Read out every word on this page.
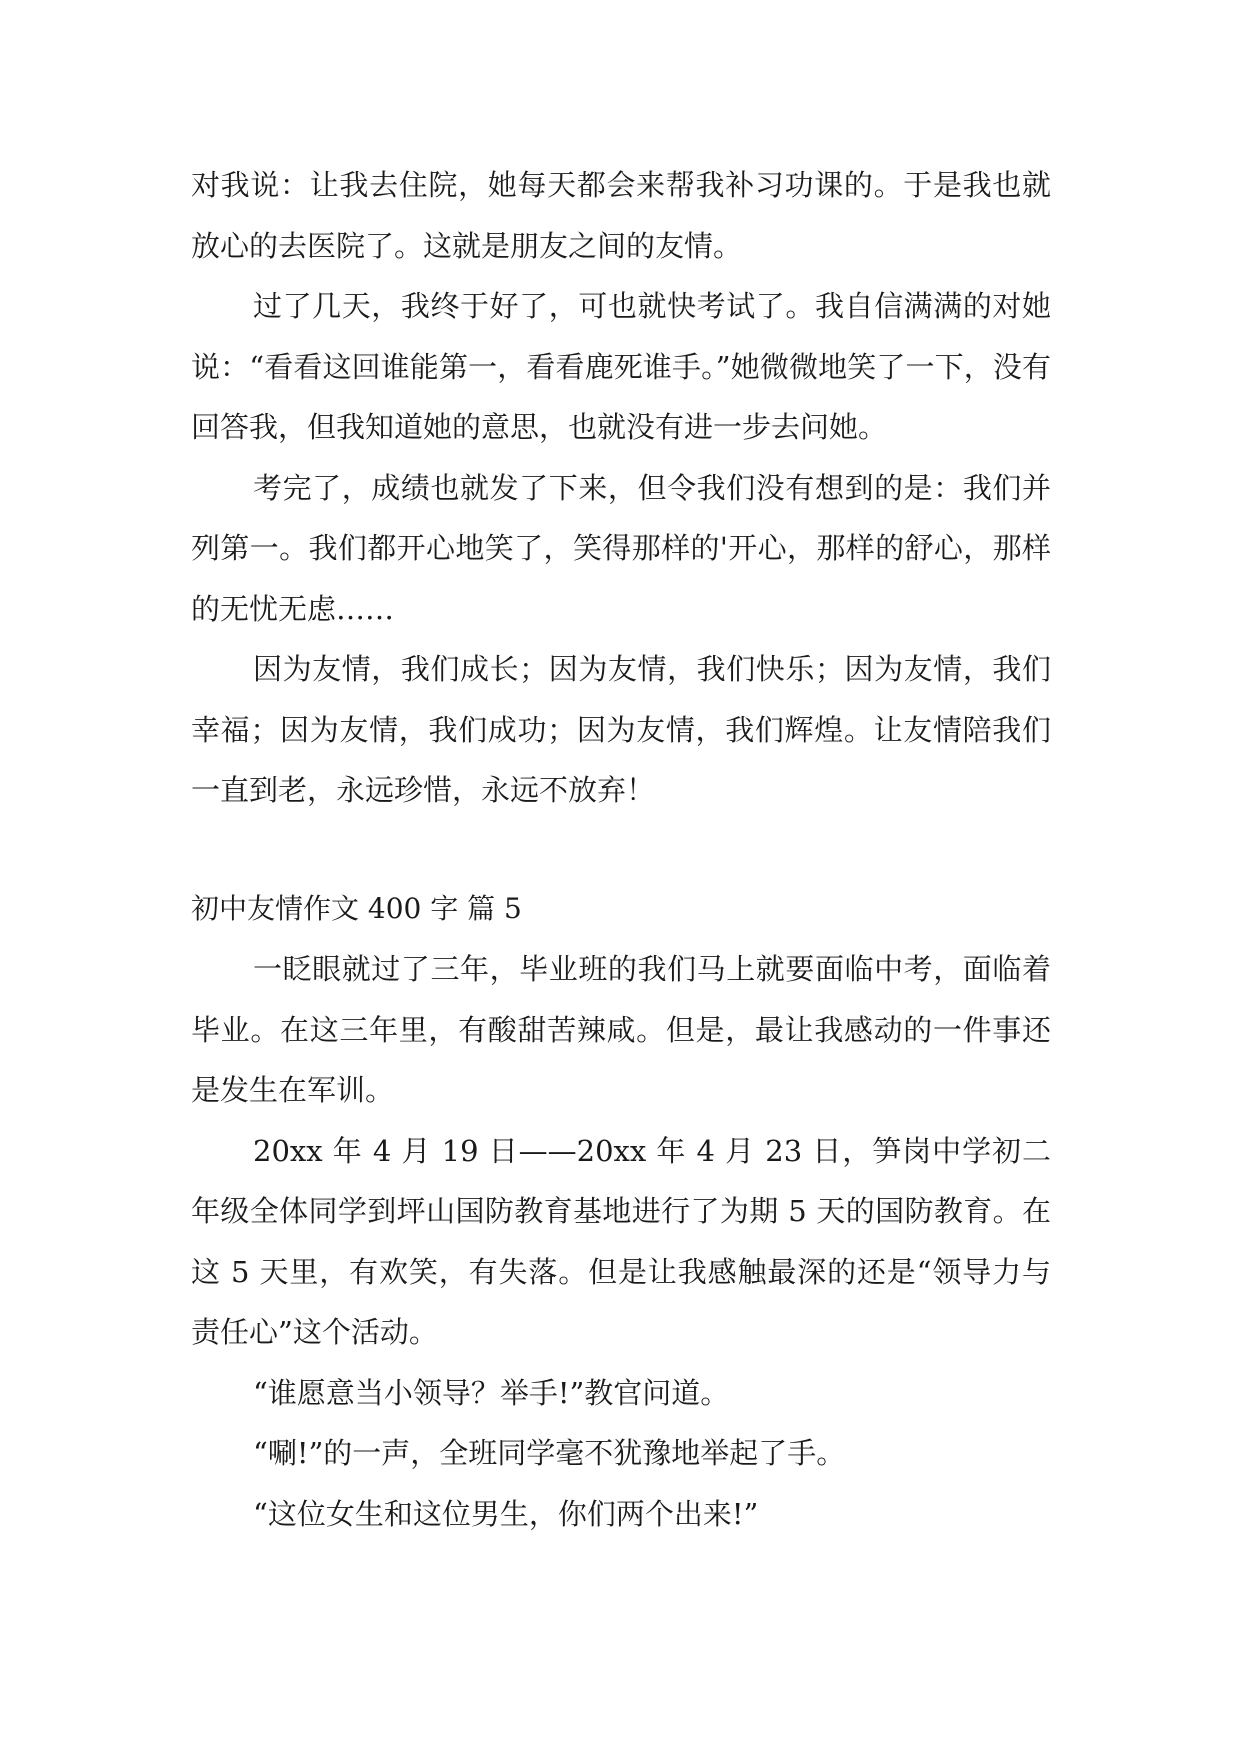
对我说：让我去住院，她每天都会来帮我补习功课的。于是我也就放心的去医院了。这就是朋友之间的友情。

过了几天，我终于好了，可也就快考试了。我自信满满的对她说：“看看这回谁能第一，看看鹿死谁手。”她微微地笑了一下，没有回答我，但我知道她的意思，也就没有进一步去问她。

考完了，成绩也就发了下来，但令我们没有想到的是：我们并列第一。我们都开心地笑了，笑得那样的'开心，那样的舒心，那样的无忧无虑……

因为友情，我们成长；因为友情，我们快乐；因为友情，我们幸福；因为友情，我们成功；因为友情，我们辉煌。让友情陪我们一直到老，永远珍惜，永远不放弃！

初中友情作文 400 字 篇 5

一眨眼就过了三年，毕业班的我们马上就要面临中考，面临着毕业。在这三年里，有酸甜苦辣咸。但是，最让我感动的一件事还是发生在军训。

20xx 年 4 月 19 日——20xx 年 4 月 23 日，笋岗中学初二年级全体同学到坪山国防教育基地进行了为期 5 天的国防教育。在这 5 天里，有欢笑，有失落。但是让我感触最深的还是“领导力与责任心”这个活动。

“谁愿意当小领导？举手!”教官问道。

“唰!”的一声，全班同学毫不犹豫地举起了手。

“这位女生和这位男生，你们两个出来!”
